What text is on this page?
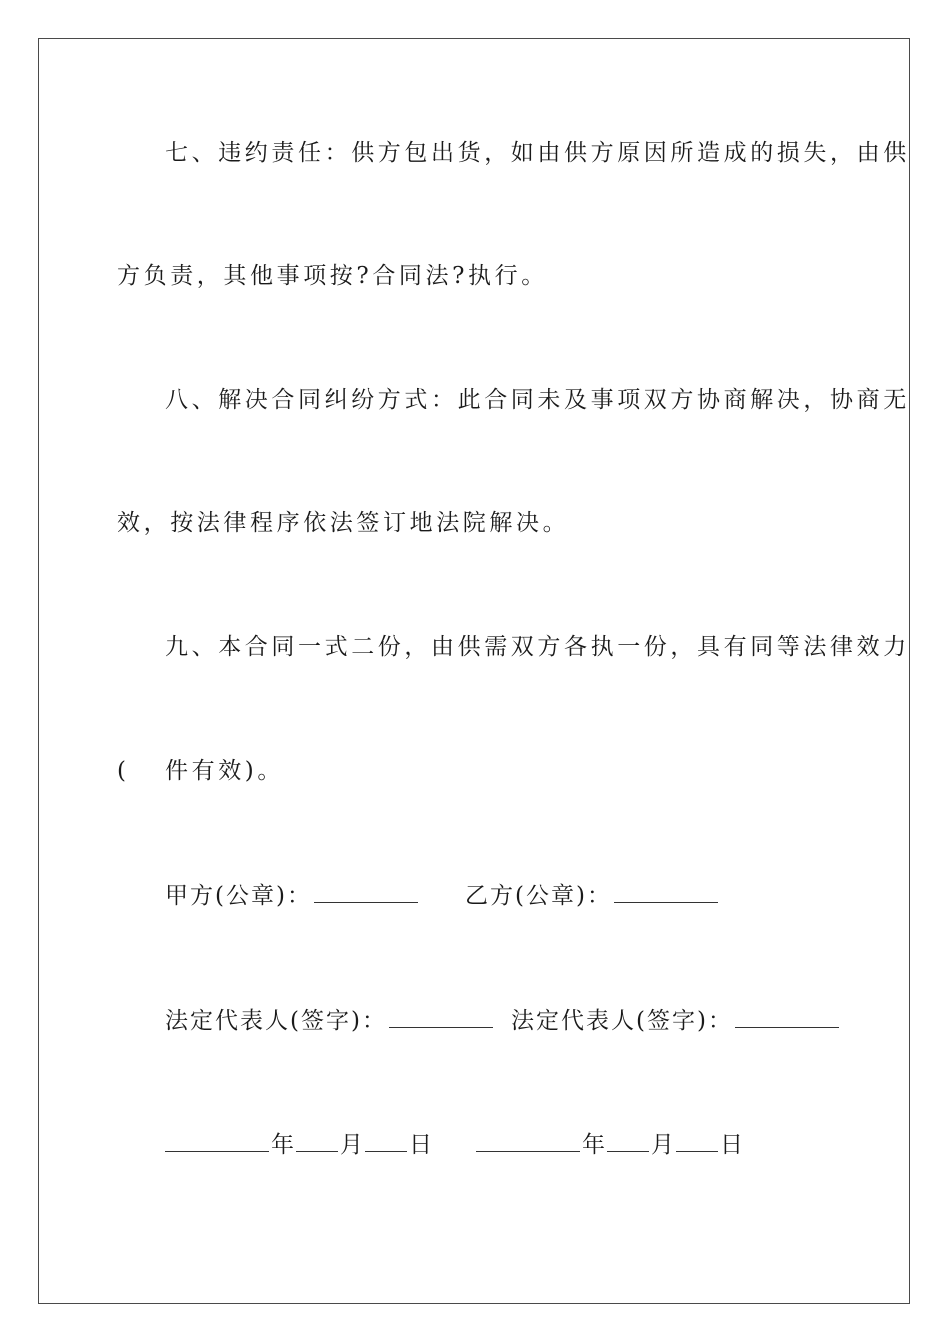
七、违约责任：供方包出货，如由供方原因所造成的损失，由供
方负责，其他事项按?合同法?执行。
八、解决合同纠纷方式：此合同未及事项双方协商解决，协商无
效，按法律程序依法签订地法院解决。
九、本合同一式二份，由供需双方各执一份，具有同等法律效力
( 件有效)。
甲方(公章)：	乙方(公章)：
法定代表人(签字)：	法定代表人(签字)：
年 月 日	年 月 日
